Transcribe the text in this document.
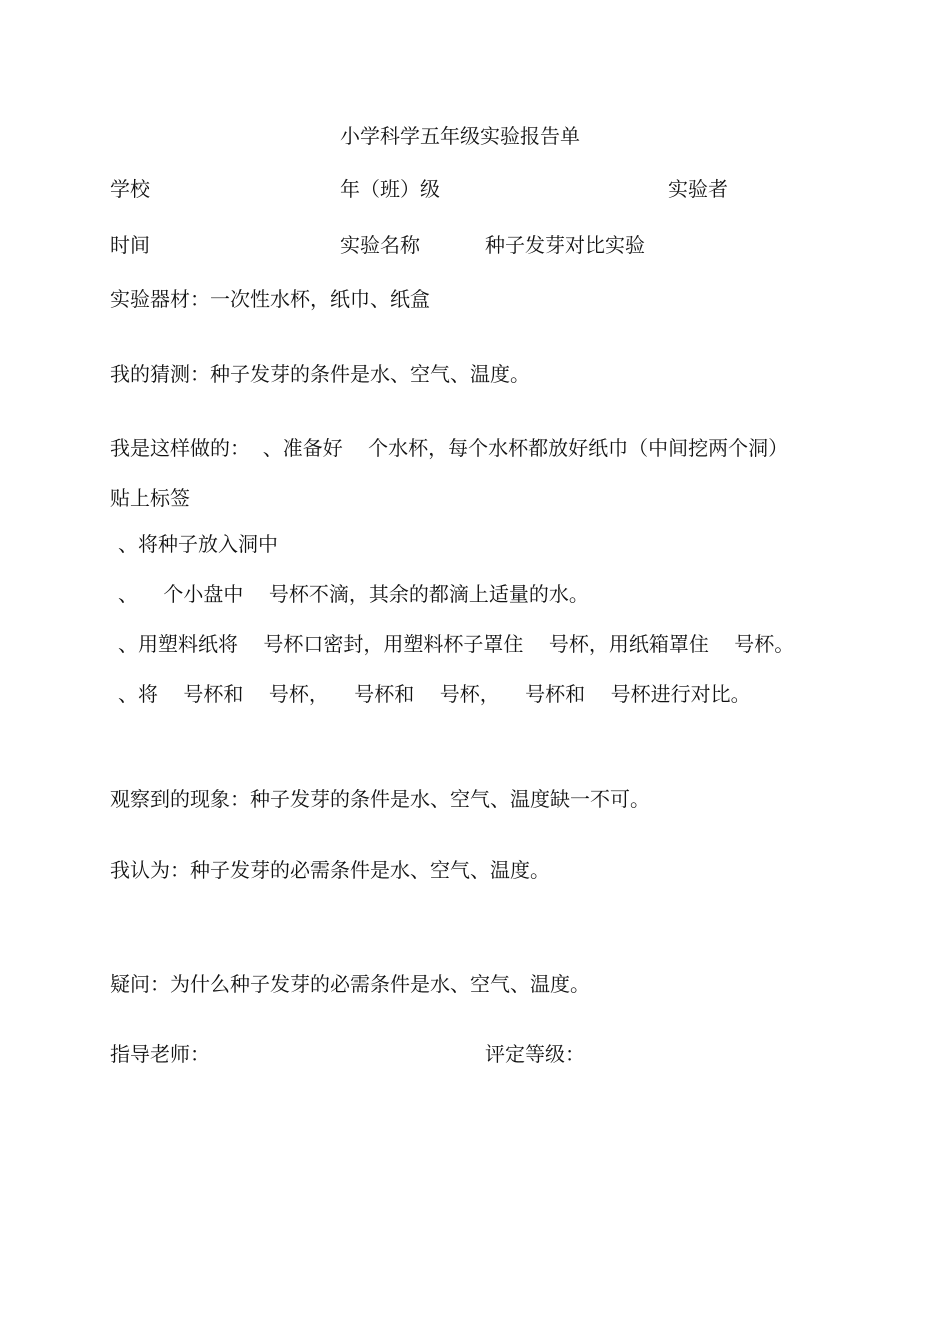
小学科学五年级实验报告单

学校	年（班）级	实验者

时间	实验名称	种子发芽对比实验

实验器材：一次性水杯，纸巾、纸盒

我的猜测：种子发芽的条件是水、空气、温度。

我是这样做的：  、准备好    个水杯，每个水杯都放好纸巾（中间挖两个洞）

贴上标签

、将种子放入洞中

、    个小盘中    号杯不滴，其余的都滴上适量的水。

、用塑料纸将    号杯口密封，用塑料杯子罩住    号杯，用纸箱罩住    号杯。

、将    号杯和    号杯，    号杯和    号杯，    号杯和    号杯进行对比。

观察到的现象：种子发芽的条件是水、空气、温度缺一不可。

我认为：种子发芽的必需条件是水、空气、温度。

疑问：为什么种子发芽的必需条件是水、空气、温度。

指导老师：	评定等级：
